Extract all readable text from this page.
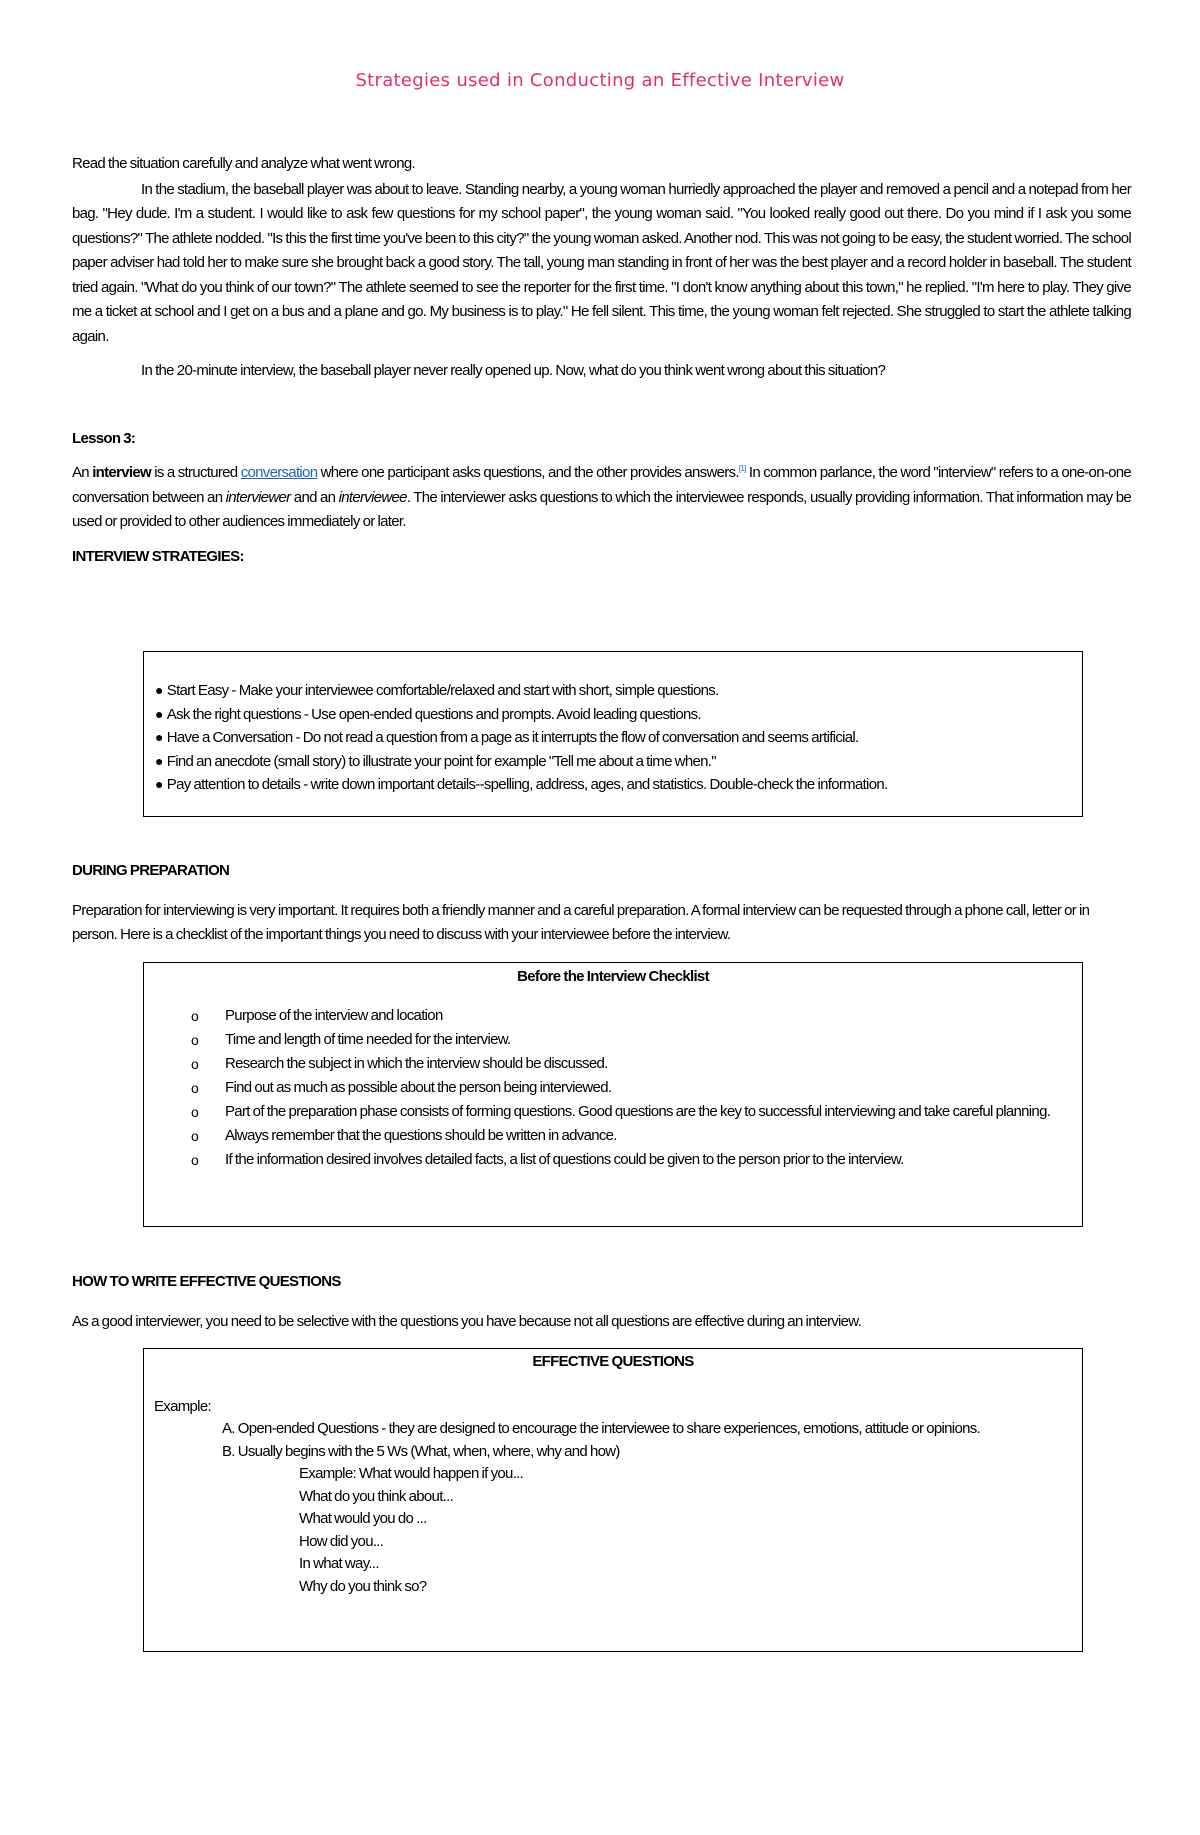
Strategies used in Conducting an Effective Interview

Read the situation carefully and analyze what went wrong.

In the stadium, the baseball player was about to leave. Standing nearby, a young woman hurriedly approached the player and removed a pencil and a notepad from her bag. "Hey dude. I'm a student. I would like to ask few questions for my school paper", the young woman said. "You looked really good out there. Do you mind if I ask you some questions?" The athlete nodded. "Is this the first time you've been to this city?" the young woman asked. Another nod. This was not going to be easy, the student worried. The school paper adviser had told her to make sure she brought back a good story. The tall, young man standing in front of her was the best player and a record holder in baseball. The student tried again. "What do you think of our town?" The athlete seemed to see the reporter for the first time. "I don't know anything about this town," he replied. "I'm here to play. They give me a ticket at school and I get on a bus and a plane and go. My business is to play." He fell silent. This time, the young woman felt rejected. She struggled to start the athlete talking again.

In the 20-minute interview, the baseball player never really opened up. Now, what do you think went wrong about this situation?

Lesson 3:

An interview is a structured conversation where one participant asks questions, and the other provides answers.[1] In common parlance, the word "interview" refers to a one-on-one conversation between an interviewer and an interviewee. The interviewer asks questions to which the interviewee responds, usually providing information. That information may be used or provided to other audiences immediately or later.

INTERVIEW STRATEGIES:

● Start Easy - Make your interviewee comfortable/relaxed and start with short, simple questions.
● Ask the right questions - Use open-ended questions and prompts. Avoid leading questions.
● Have a Conversation - Do not read a question from a page as it interrupts the flow of conversation and seems artificial.
● Find an anecdote (small story) to illustrate your point for example "Tell me about a time when."
● Pay attention to details - write down important details--spelling, address, ages, and statistics. Double-check the information.

DURING PREPARATION

Preparation for interviewing is very important. It requires both a friendly manner and a careful preparation. A formal interview can be requested through a phone call, letter or in person. Here is a checklist of the important things you need to discuss with your interviewee before the interview.

Before the Interview Checklist
o Purpose of the interview and location
o Time and length of time needed for the interview.
o Research the subject in which the interview should be discussed.
o Find out as much as possible about the person being interviewed.
o Part of the preparation phase consists of forming questions. Good questions are the key to successful interviewing and take careful planning.
o Always remember that the questions should be written in advance.
o If the information desired involves detailed facts, a list of questions could be given to the person prior to the interview.

HOW TO WRITE EFFECTIVE QUESTIONS

As a good interviewer, you need to be selective with the questions you have because not all questions are effective during an interview.

EFFECTIVE QUESTIONS
Example:
A. Open-ended Questions - they are designed to encourage the interviewee to share experiences, emotions, attitude or opinions.
B. Usually begins with the 5 Ws (What, when, where, why and how)
Example: What would happen if you...
What do you think about...
What would you do ...
How did you...
In what way...
Why do you think so?
